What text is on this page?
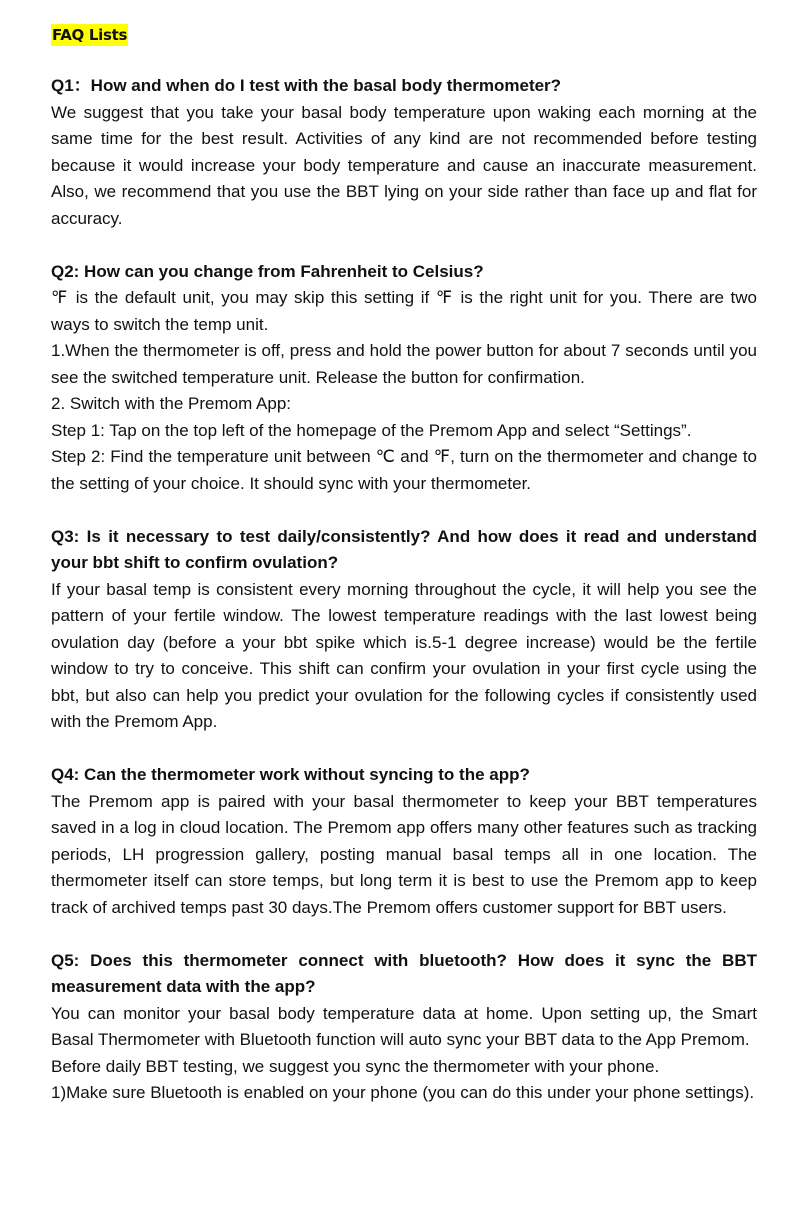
FAQ Lists

Q1：How and when do I test with the basal body thermometer?

We suggest that you take your basal body temperature upon waking each morning at the same time for the best result. Activities of any kind are not recommended before testing because it would increase your body temperature and cause an inaccurate measurement. Also, we recommend that you use the BBT lying on your side rather than face up and flat for accuracy.

Q2: How can you change from Fahrenheit to Celsius?

℉ is the default unit, you may skip this setting if ℉ is the right unit for you. There are two ways to switch the temp unit.

1.When the thermometer is off, press and hold the power button for about 7 seconds until you see the switched temperature unit. Release the button for confirmation.

2. Switch with the Premom App:

Step 1: Tap on the top left of the homepage of the Premom App and select “Settings”.

Step 2: Find the temperature unit between ℃ and ℉, turn on the thermometer and change to the setting of your choice. It should sync with your thermometer.

Q3: Is it necessary to test daily/consistently? And how does it read and understand your bbt shift to confirm ovulation?

If your basal temp is consistent every morning throughout the cycle, it will help you see the pattern of your fertile window. The lowest temperature readings with the last lowest being ovulation day (before a your bbt spike which is.5-1 degree increase) would be the fertile window to try to conceive. This shift can confirm your ovulation in your first cycle using the bbt, but also can help you predict your ovulation for the following cycles if consistently used with the Premom App.

Q4: Can the thermometer work without syncing to the app?

The Premom app is paired with your basal thermometer to keep your BBT temperatures saved in a log in cloud location. The Premom app offers many other features such as tracking periods, LH progression gallery, posting manual basal temps all in one location. The thermometer itself can store temps, but long term it is best to use the Premom app to keep track of archived temps past 30 days.The Premom offers customer support for BBT users.

Q5: Does this thermometer connect with bluetooth? How does it sync the BBT measurement data with the app?

You can monitor your basal body temperature data at home. Upon setting up, the Smart Basal Thermometer with Bluetooth function will auto sync your BBT data to the App Premom.

Before daily BBT testing, we suggest you sync the thermometer with your phone.

1)Make sure Bluetooth is enabled on your phone (you can do this under your phone settings).
